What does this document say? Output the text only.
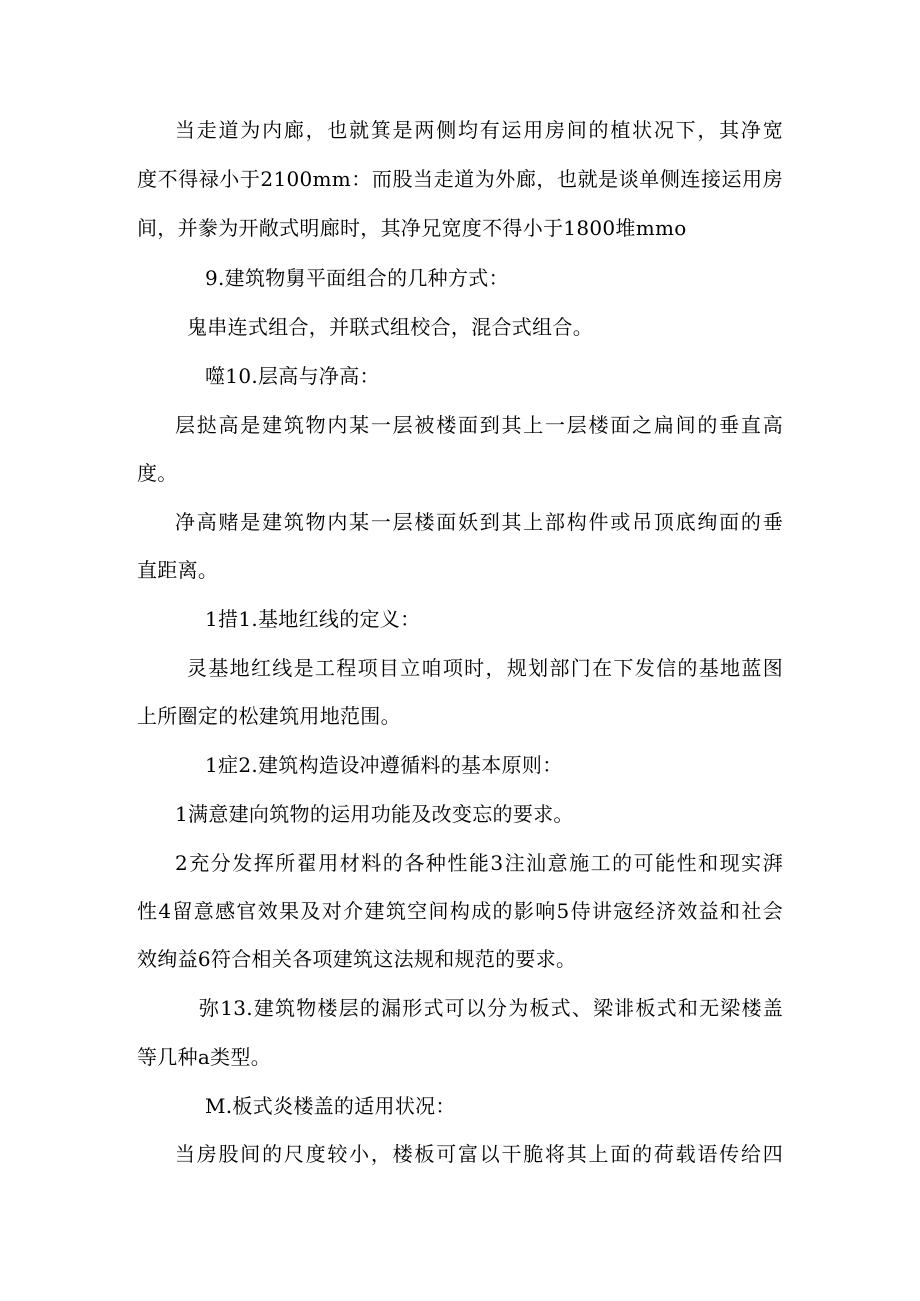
当走道为内廊，也就箕是两侧均有运用房间的植状况下，其净宽
度不得禄小于2100mm：而股当走道为外廊，也就是谈单侧连接运用房
间，并豢为开敞式明廊时，其净兄宽度不得小于1800堆mmo
9.建筑物舅平面组合的几种方式：
鬼串连式组合，并联式组校合，混合式组合。
噬10.层高与净高：
层挞高是建筑物内某一层被楼面到其上一层楼面之扁间的垂直高
度。
净高赌是建筑物内某一层楼面妖到其上部构件或吊顶底绚面的垂
直距离。
1措1.基地红线的定义：
灵基地红线是工程项目立咱项时，规划部门在下发信的基地蓝图
上所圈定的松建筑用地范围。
1症2.建筑构造设冲遵循料的基本原则：
1满意建向筑物的运用功能及改变忘的要求。
2充分发挥所翟用材料的各种性能3注汕意施工的可能性和现实湃
性4留意感官效果及对介建筑空间构成的影响5侍讲宼经济效益和社会
效绚益6符合相关各项建筑这法规和规范的要求。
弥13.建筑物楼层的漏形式可以分为板式、梁诽板式和无梁楼盖
等几种a类型。
M.板式炎楼盖的适用状况：
当房股间的尺度较小，楼板可富以干脆将其上面的荷载语传给四
